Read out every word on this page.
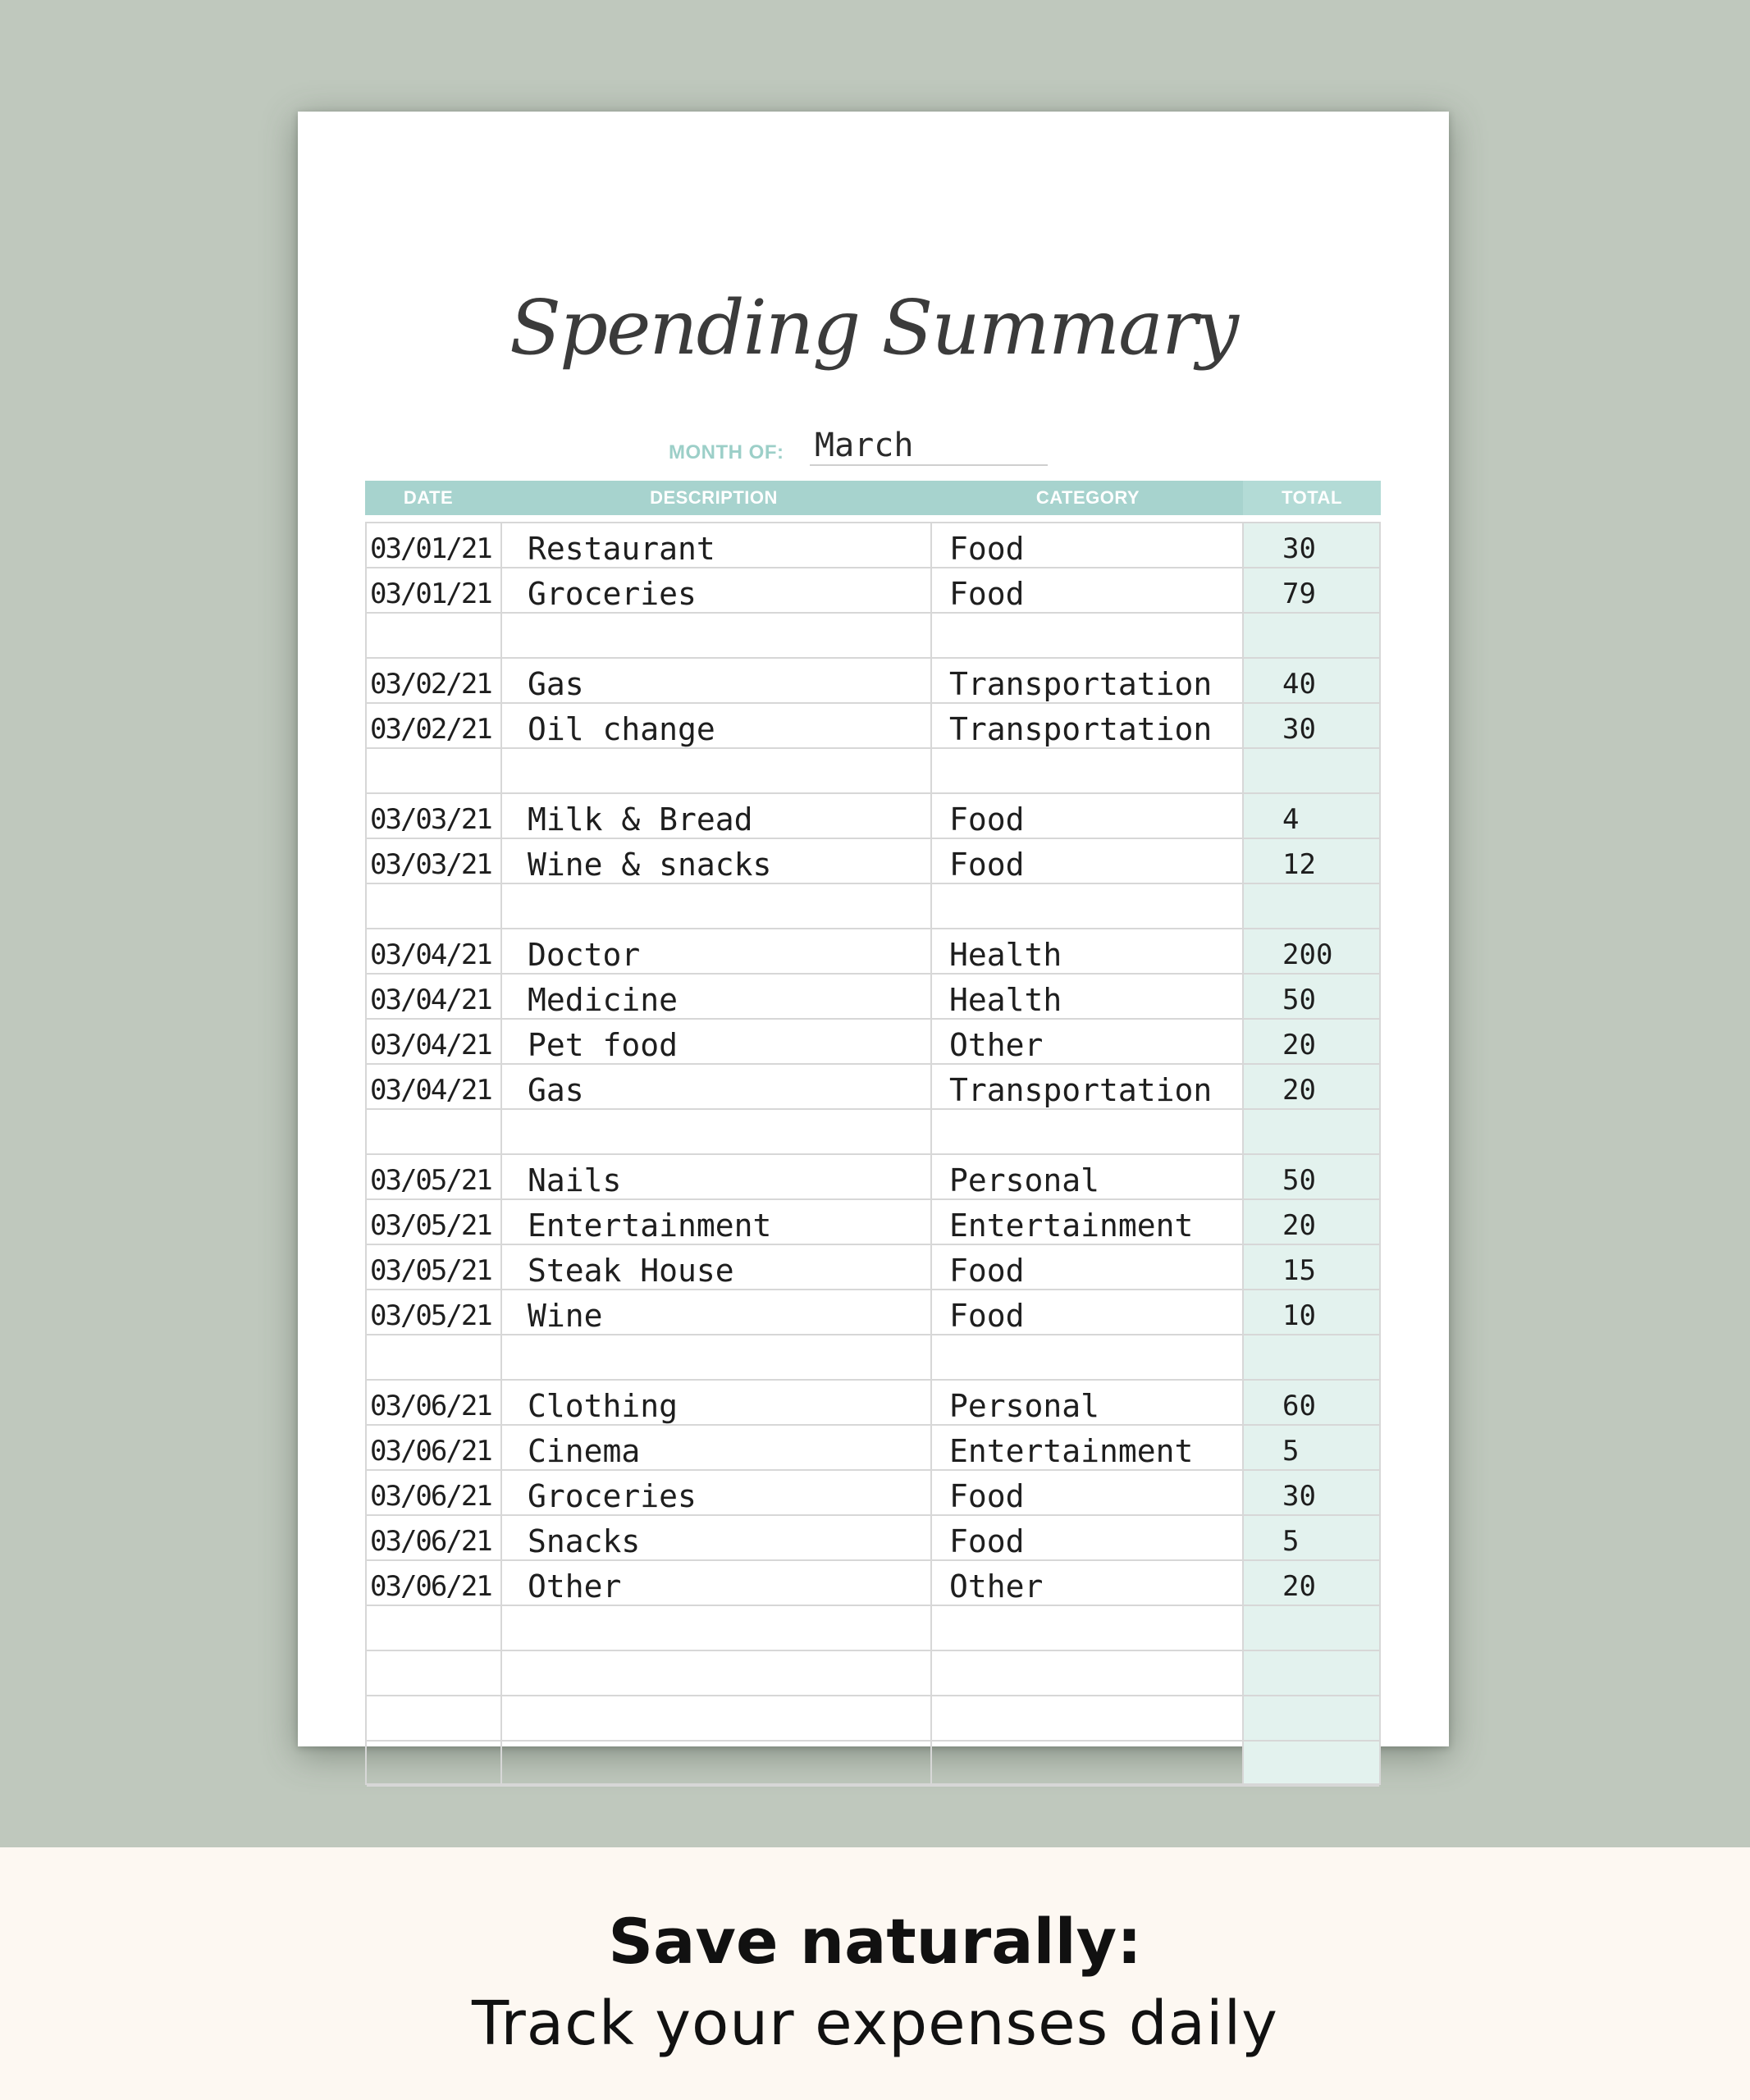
Spending Summary
MONTH OF: March
DATE	DESCRIPTION	CATEGORY	TOTAL
03/01/21 Restaurant	Food	30
03/01/21 Groceries	Food	79
03/02/21 Gas	Transportation	40
03/02/21 Oil change	Transportation	30
03/03/21 Milk & Bread	Food	4
03/03/21 Wine & snacks	Food	12
03/04/21 Doctor	Health	200
03/04/21 Medicine	Health	50
03/04/21 Pet food	Other	20
03/04/21 Gas	Transportation	20
03/05/21 Nails	Personal	50
03/05/21 Entertainment	Entertainment	20
03/05/21 Steak House	Food	15
03/05/21 Wine	Food	10
03/06/21 Clothing	Personal	60
03/06/21 Cinema	Entertainment	5
03/06/21 Groceries	Food	30
03/06/21 Snacks	Food	5
03/06/21 Other	Other	20
Save naturally:
Track your expenses daily
